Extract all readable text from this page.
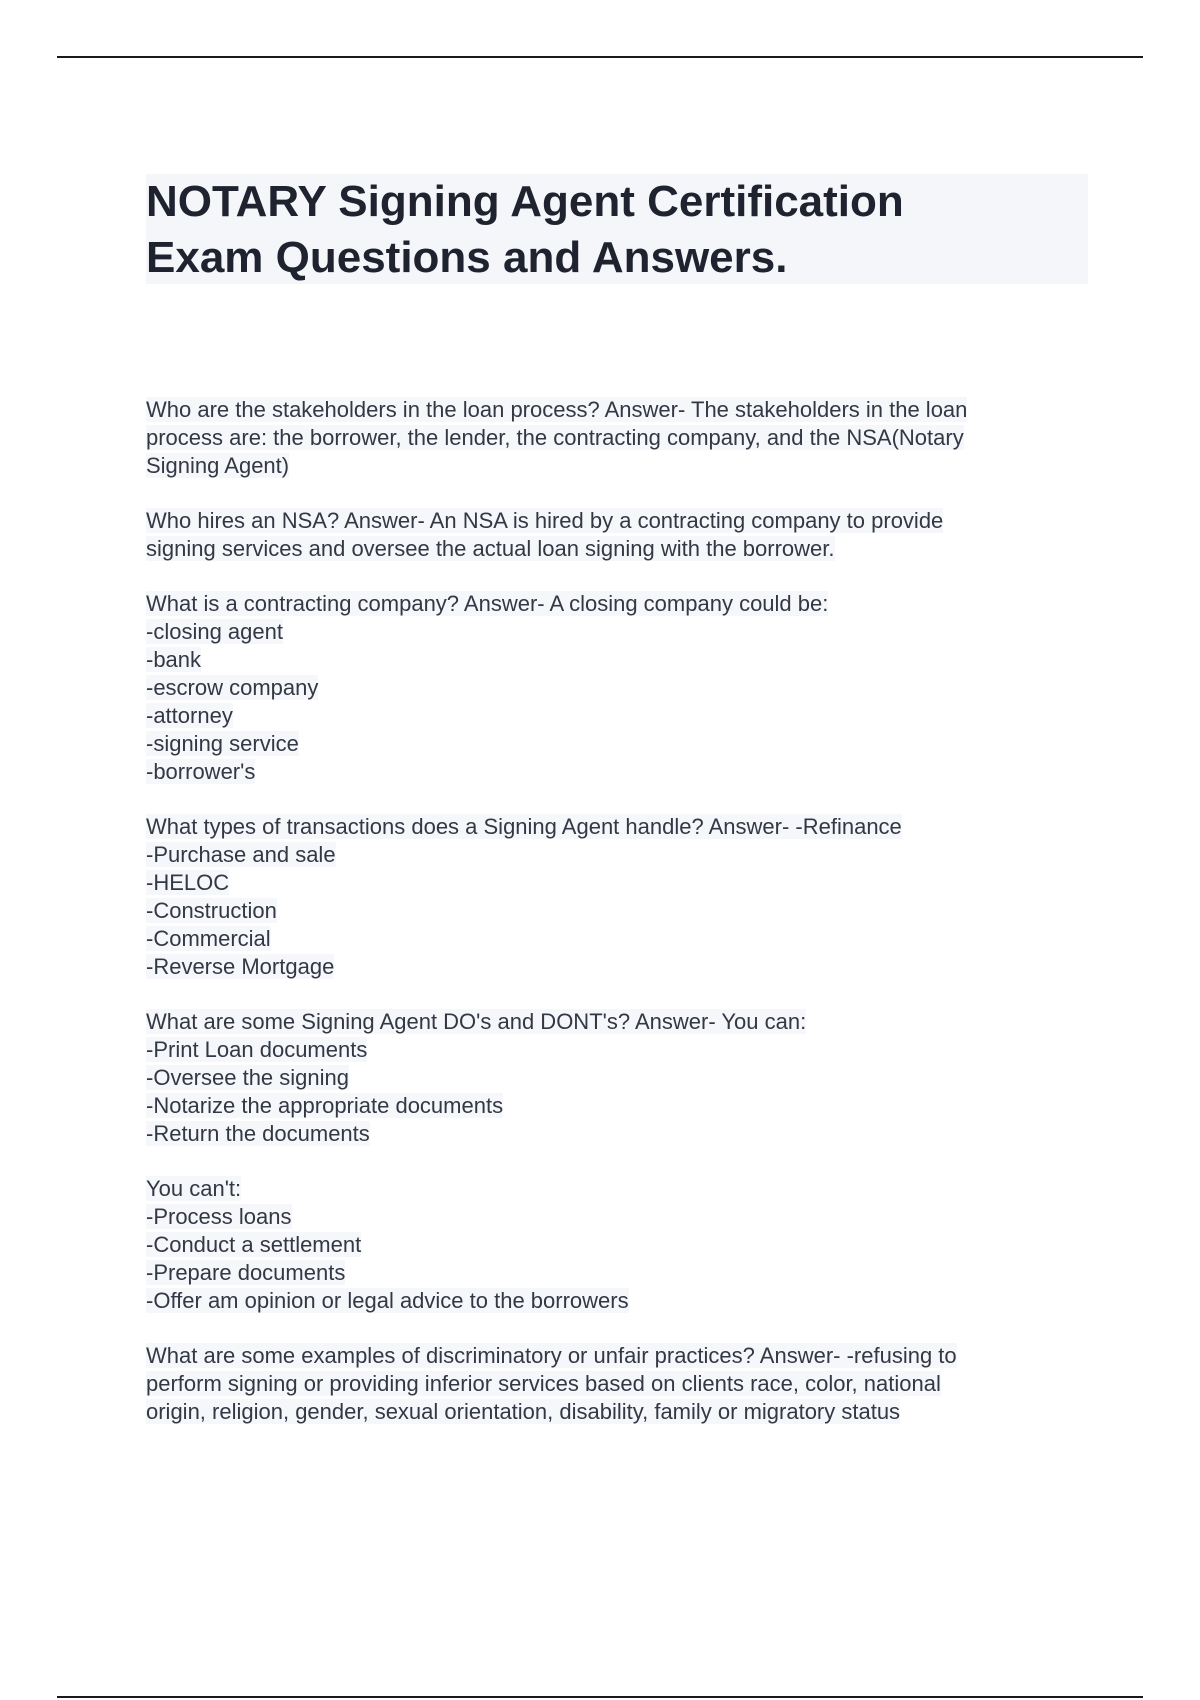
NOTARY Signing Agent Certification

Exam Questions and Answers.

Who are the stakeholders in the loan process? Answer- The stakeholders in the loan
process are: the borrower, the lender, the contracting company, and the NSA(Notary
Signing Agent)
Who hires an NSA? Answer- An NSA is hired by a contracting company to provide
signing services and oversee the actual loan signing with the borrower.
What is a contracting company? Answer- A closing company could be:
-closing agent
-bank
-escrow company
-attorney
-signing service
-borrower's
What types of transactions does a Signing Agent handle? Answer- -Refinance
-Purchase and sale
-HELOC
-Construction
-Commercial
-Reverse Mortgage
What are some Signing Agent DO's and DONT's? Answer- You can:
-Print Loan documents
-Oversee the signing
-Notarize the appropriate documents
-Return the documents
You can't:
-Process loans
-Conduct a settlement
-Prepare documents
-Offer am opinion or legal advice to the borrowers
What are some examples of discriminatory or unfair practices? Answer- -refusing to
perform signing or providing inferior services based on clients race, color, national
origin, religion, gender, sexual orientation, disability, family or migratory status
